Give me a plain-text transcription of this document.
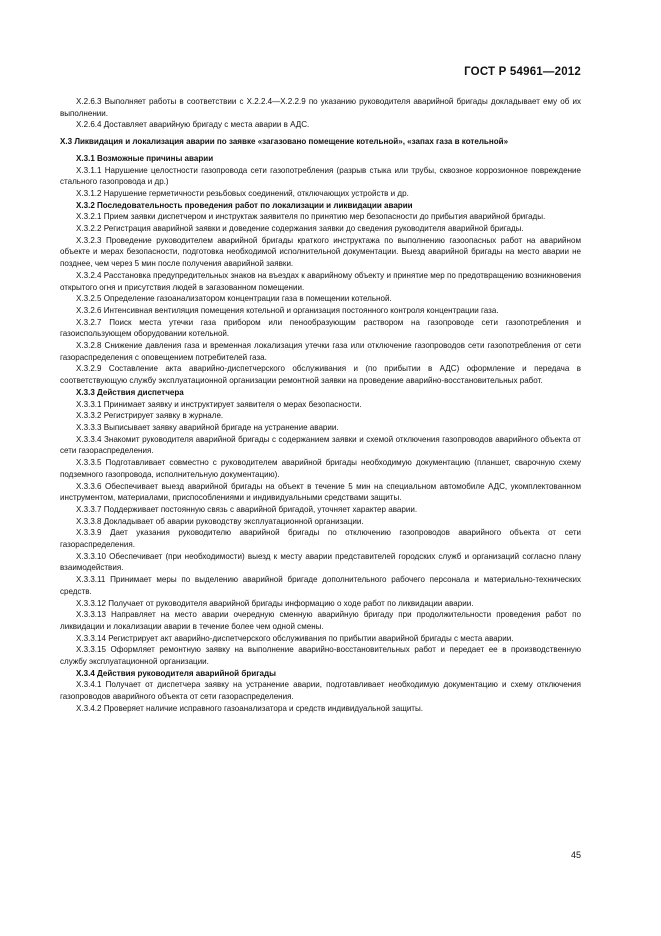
ГОСТ Р 54961—2012

X.2.6.3 Выполняет работы в соответствии с Х.2.2.4—Х.2.2.9 по указанию руководителя аварийной бригады докладывает ему об их выполнении.

X.2.6.4 Доставляет аварийную бригаду с места аварии в АДС.

X.3 Ликвидация и локализация аварии по заявке «загазовано помещение котельной», «запах газа в котельной»

X.3.1 Возможные причины аварии

X.3.1.1 Нарушение целостности газопровода сети газопотребления (разрыв стыка или трубы, сквозное коррозионное повреждение стального газопровода и др.)

X.3.1.2 Нарушение герметичности резьбовых соединений, отключающих устройств и др.

X.3.2 Последовательность проведения работ по локализации и ликвидации аварии

X.3.2.1 Прием заявки диспетчером и инструктаж заявителя по принятию мер безопасности до прибытия аварийной бригады.

X.3.2.2 Регистрация аварийной заявки и доведение содержания заявки до сведения руководителя аварийной бригады.

X.3.2.3 Проведение руководителем аварийной бригады краткого инструктажа по выполнению газоопасных работ на аварийном объекте и мерах безопасности, подготовка необходимой исполнительной документации. Выезд аварийной бригады на место аварии не позднее, чем через 5 мин после получения аварийной заявки.

X.3.2.4 Расстановка предупредительных знаков на въездах к аварийному объекту и принятие мер по предотвращению возникновения открытого огня и присутствия людей в загазованном помещении.

X.3.2.5 Определение газоанализатором концентрации газа в помещении котельной.

X.3.2.6 Интенсивная вентиляция помещения котельной и организация постоянного контроля концентрации газа.

X.3.2.7 Поиск места утечки газа прибором или пенообразующим раствором на газопроводе сети газопотребления и газоиспользующем оборудовании котельной.

X.3.2.8 Снижение давления газа и временная локализация утечки газа или отключение газопроводов сети газопотребления от сети газораспределения с оповещением потребителей газа.

X.3.2.9 Составление акта аварийно-диспетчерского обслуживания и (по прибытии в АДС) оформление и передача в соответствующую службу эксплуатационной организации ремонтной заявки на проведение аварийно-восстановительных работ.

X.3.3 Действия диспетчера

X.3.3.1 Принимает заявку и инструктирует заявителя о мерах безопасности.

X.3.3.2 Регистрирует заявку в журнале.

X.3.3.3 Выписывает заявку аварийной бригаде на устранение аварии.

X.3.3.4 Знакомит руководителя аварийной бригады с содержанием заявки и схемой отключения газопроводов аварийного объекта от сети газораспределения.

X.3.3.5 Подготавливает совместно с руководителем аварийной бригады необходимую документацию (планшет, сварочную схему подземного газопровода, исполнительную документацию).

X.3.3.6 Обеспечивает выезд аварийной бригады на объект в течение 5 мин на специальном автомобиле АДС, укомплектованном инструментом, материалами, приспособлениями и индивидуальными средствами защиты.

X.3.3.7 Поддерживает постоянную связь с аварийной бригадой, уточняет характер аварии.

X.3.3.8 Докладывает об аварии руководству эксплуатационной организации.

X.3.3.9 Дает указания руководителю аварийной бригады по отключению газопроводов аварийного объекта от сети газораспределения.

X.3.3.10 Обеспечивает (при необходимости) выезд к месту аварии представителей городских служб и организаций согласно плану взаимодействия.

X.3.3.11 Принимает меры по выделению аварийной бригаде дополнительного рабочего персонала и материально-технических средств.

X.3.3.12 Получает от руководителя аварийной бригады информацию о ходе работ по ликвидации аварии.

X.3.3.13 Направляет на место аварии очередную сменную аварийную бригаду при продолжительности проведения работ по ликвидации и локализации аварии в течение более чем одной смены.

X.3.3.14 Регистрирует акт аварийно-диспетчерского обслуживания по прибытии аварийной бригады с места аварии.

X.3.3.15 Оформляет ремонтную заявку на выполнение аварийно-восстановительных работ и передает ее в производственную службу эксплуатационной организации.

X.3.4 Действия руководителя аварийной бригады

X.3.4.1 Получает от диспетчера заявку на устранение аварии, подготавливает необходимую документацию и схему отключения газопроводов аварийного объекта от сети газораспределения.

X.3.4.2 Проверяет наличие исправного газоанализатора и средств индивидуальной защиты.

45
